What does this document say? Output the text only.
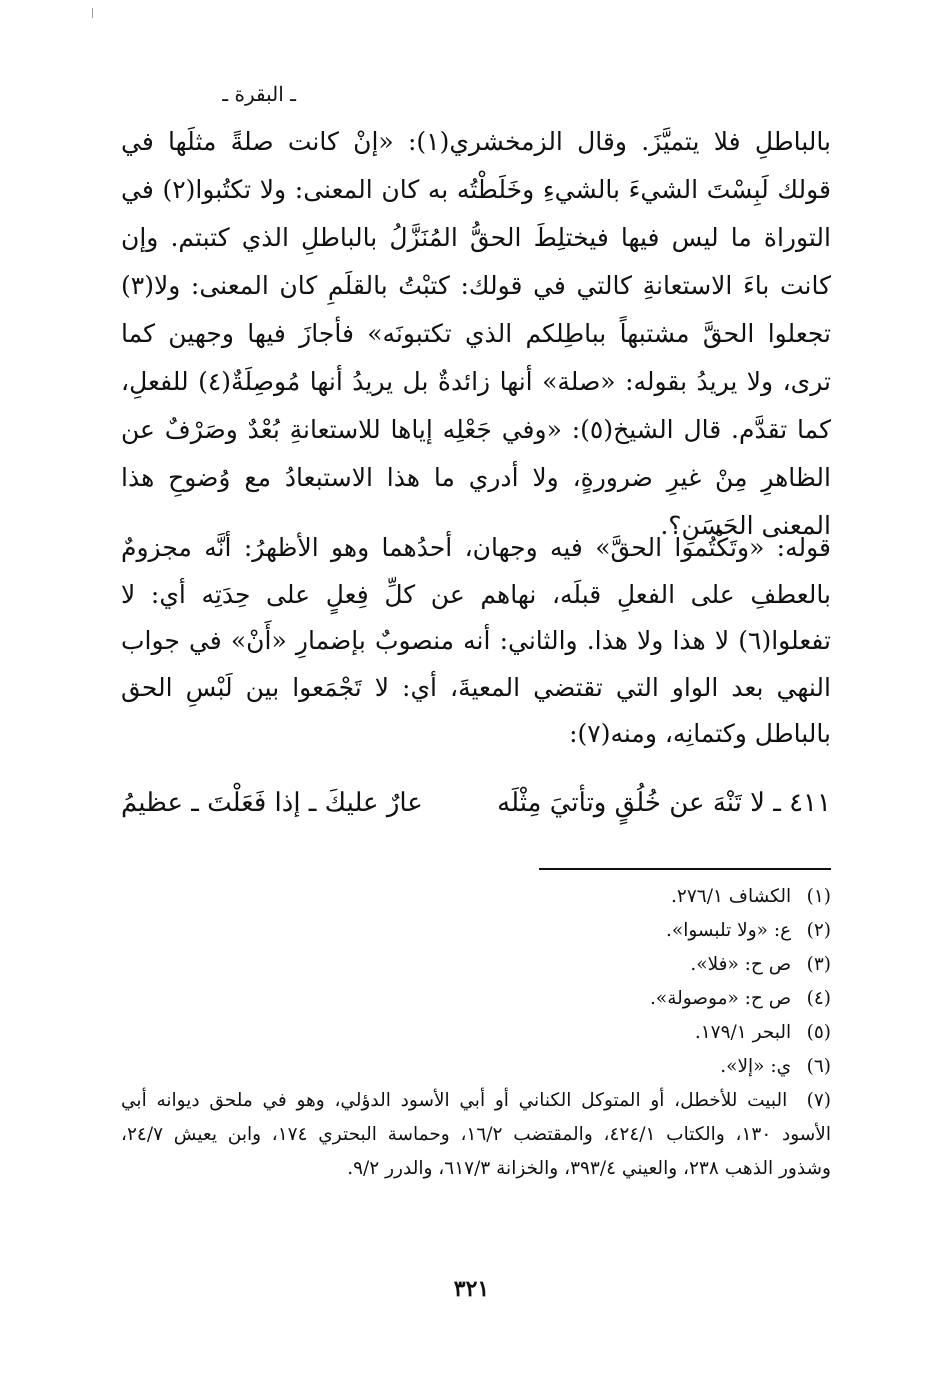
ـ البقرة ـ

بالباطلِ فلا يتميَّزَ. وقال الزمخشري(١): «إنْ كانت صلةً مثلَها في قولك لَبِسْتَ الشيءَ بالشيءِ وخَلَطْتُه به كان المعنى: ولا تكتُبوا(٢) في التوراة ما ليس فيها فيختلِطَ الحقُّ المُنَزَّلُ بالباطلِ الذي كتبتم. وإن كانت باءَ الاستعانةِ كالتي في قولك: كتبْتُ بالقلَمِ كان المعنى: ولا(٣) تجعلوا الحقَّ مشتبهاً بباطِلكم الذي تكتبونَه» فأجازَ فيها وجهين كما ترى، ولا يريدُ بقوله: «صلة» أنها زائدةٌ بل يريدُ أنها مُوصِلَةٌ(٤) للفعلِ، كما تقدَّم. قال الشيخ(٥): «وفي جَعْلِه إياها للاستعانةِ بُعْدٌ وصَرْفٌ عن الظاهرِ مِنْ غيرِ ضرورةٍ، ولا أدري ما هذا الاستبعادُ مع وُضوحِ هذا المعنى الحَسَنِ؟.

قوله: «وتَكْتُموا الحقَّ» فيه وجهان، أحدُهما وهو الأظهرُ: أنَّه مجزومٌ بالعطفِ على الفعلِ قبلَه، نهاهم عن كلِّ فِعلٍ على حِدَتِه أي: لا تفعلوا(٦) لا هذا ولا هذا. والثاني: أنه منصوبٌ بإضمارِ «أَنْ» في جواب النهي بعد الواو التي تقتضي المعيةَ، أي: لا تَجْمَعوا بين لَبْسِ الحق بالباطل وكتمانِه، ومنه(٧):

٤١١ ـ لا تَنْهَ عن خُلُقٍ وتأتيَ مِثْلَه
عارٌ عليكَ ـ إذا فَعَلْتَ ـ عظيمُ
(١) الكشاف ٢٧٦/١.
(٢) ع: «ولا تلبسوا».
(٣) ص ح: «فلا».
(٤) ص ح: «موصولة».
(٥) البحر ١٧٩/١.
(٦) ي: «إلا».
(٧) البيت للأخطل، أو المتوكل الكناني أو أبي الأسود الدؤلي، وهو في ملحق ديوانه أبي الأسود ١٣٠، والكتاب ٤٢٤/١، والمقتضب ١٦/٢، وحماسة البحتري ١٧٤، وابن يعيش ٢٤/٧، وشذور الذهب ٢٣٨، والعيني ٣٩٣/٤، والخزانة ٦١٧/٣، والدرر ٩/٢.
٣٢١
